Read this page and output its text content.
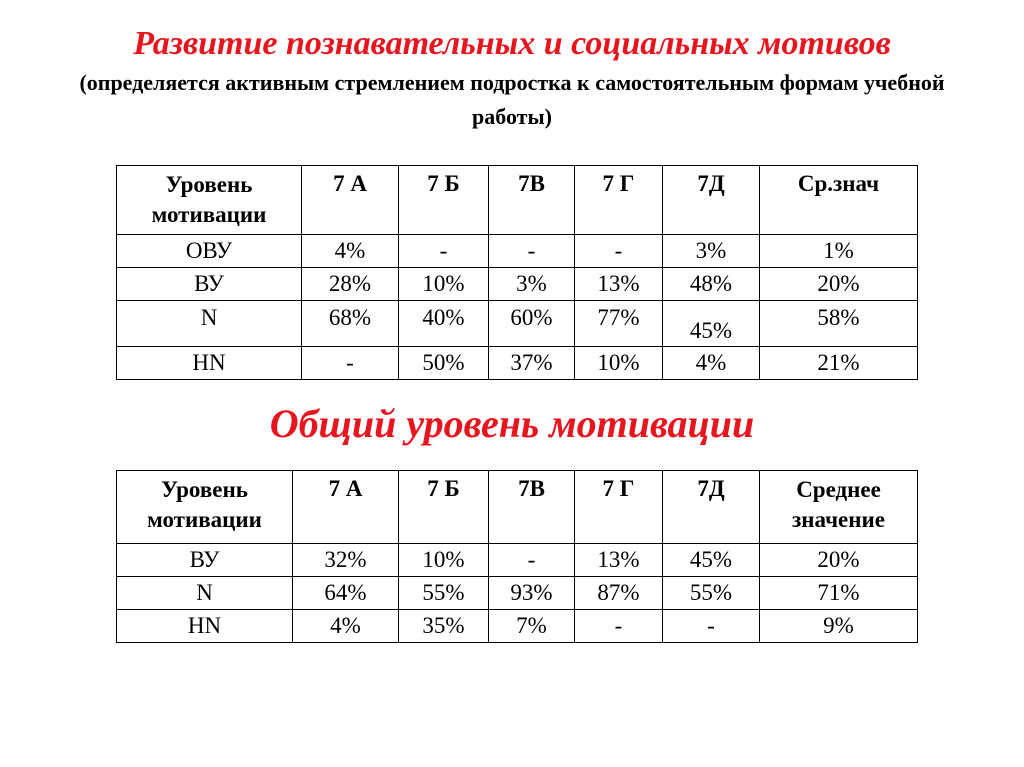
Развитие познавательных и социальных мотивов
(определяется активным стремлением подростка к самостоятельным формам учебной работы)
Уровень мотивации	7 А	7 Б	7В	7 Г	7Д	Ср.знач
ОВУ	4%	-	-	-	3%	1%
ВУ	28%	10%	3%	13%	48%	20%
N	68%	40%	60%	77%	45%	58%
HN	-	50%	37%	10%	4%	21%
Общий уровень мотивации
Уровень мотивации	7 А	7 Б	7В	7 Г	7Д	Среднее значение
ВУ	32%	10%	-	13%	45%	20%
N	64%	55%	93%	87%	55%	71%
HN	4%	35%	7%	-	-	9%
